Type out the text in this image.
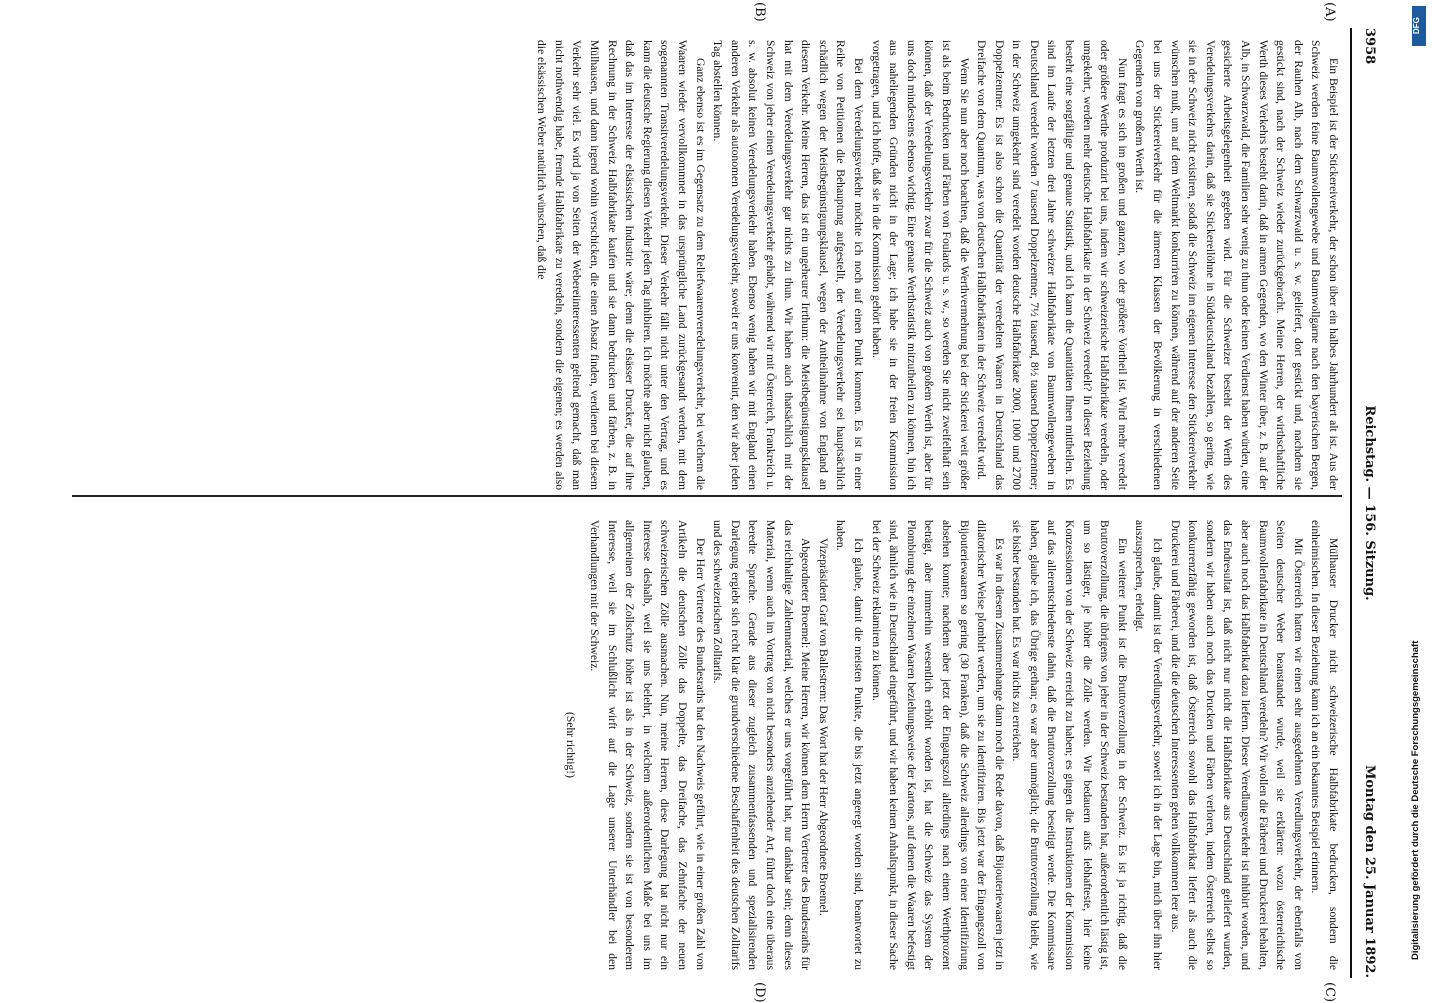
3958
Reichstag. — 156. Sitzung.
Montag den 25. Januar 1892.
(A)
(B)
(C)
(D)

Ein Beispiel ist der Stickereiverkehr, der schon über ein halbes Jahrhundert alt ist. Aus der Schweiz werden feine Baumwollengewebe und Baumwollgarne nach den bayerischen Bergen, der Rauhen Alb, nach dem Schwarzwald u. s. w. geliefert, dort gestickt und, nachdem sie gestickt sind, nach der Schweiz wieder zurückgebracht. Meine Herren, der wirthschaftliche Werth dieses Verkehrs besteht darin, daß in armen Gegenden, wo den Winter über, z. B. auf der Alb, in Schwarzwald, die Familien sehr wenig zu thun oder keinen Verdienst haben würden, eine gesicherte Arbeitsgelegenheit gegeben wird. Für die Schweizer besteht der Werth des Veredelungsverkehrs darin, daß sie Stickereilöhne in Süddeutschland bezahlen, so gering, wie sie in der Schweiz nicht existiren, sodaß die Schweiz im eigenen Interesse den Stickereiverkehr wünschen muß, um auf dem Weltmarkt konkurriren zu können, während auf der anderen Seite bei uns der Stickereiverkehr für die ärmeren Klassen der Bevölkerung in verschiedenen Gegenden von großem Werth ist.

Nun fragt es sich im großen und ganzen, wo der größere Vortheil ist. Wird mehr veredelt oder größere Werthe produzirt bei uns, indem wir schweizerische Halbfabrikate veredeln, oder umgekehrt, werden mehr deutsche Halbfabrikate in der Schweiz veredelt? In dieser Beziehung besteht eine sorgfältige und genaue Statistik, und ich kann die Quantitäten Ihnen mittheilen. Es sind im Laufe der letzten drei Jahre schweizer Halbfabrikate von Baumwollengeweben in Deutschland veredelt worden 7 tausend Doppelzentner, 7½ tausend, 8½ tausend Doppelzentner; in der Schweiz umgekehrt sind veredelt worden deutsche Halbfabrikate 2000, 1000 und 2700 Doppelzentner. Es ist also schon die Quantität der veredelten Waaren in Deutschland das Dreifache von dem Quantum, was von deutschen Halbfabrikaten in der Schweiz veredelt wird.

Wenn Sie nun aber noch beachten, daß die Werthvermehrung bei der Stickerei weit größer ist als beim Bedrucken und Färben von Foulards u. s. w., so werden Sie nicht zweifelhaft sein können, daß der Veredelungsverkehr zwar für die Schweiz auch von großem Werth ist, aber für uns doch mindestens ebenso wichtig. Eine genaue Werthstatistik mitzutheilen zu können, bin ich aus naheliegenden Gründen nicht in der Lage; ich habe sie in der freien Kommission vorgetragen, und ich hoffe, daß sie in die Kommission gehört haben.

Bei dem Veredelungsverkehr möchte ich noch auf einen Punkt kommen. Es ist in einer Reihe von Petitionen die Behauptung aufgestellt, der Veredelungsverkehr sei hauptsächlich schädlich wegen der Meistbegünstigungsklausel, wegen der Antheilnahme von England an diesem Verkehr. Meine Herren, das ist ein ungeheurer Irrthum: die Meistbegünstigungsklausel hat mit dem Veredelungsverkehr gar nichts zu thun. Wir haben auch thatsächlich mit der Schweiz von jeher einen Veredelungsverkehr gehabt, während wir mit Österreich, Frankreich u. s. w. absolut keinen Veredelungsverkehr haben. Ebenso wenig haben wir mit England einen anderen Verkehr als autonomen Veredelungsverkehr, soweit er uns konvenirt, den wir aber jeden Tag abstellen können.

Ganz ebenso ist es im Gegensatz zu dem Reliefwaarenveredelungsverkehr, bei welchem die Waaren wieder vervollkommnet in das ursprüngliche Land zurückgesandt werden, mit dem sogenannten Transitveredelungsverkehr. Dieser Verkehr fällt nicht unter den Vertrag, und es kann die deutsche Regierung diesen Verkehr jeden Tag inhibiren. Ich möchte aber nicht glauben, daß das im Interesse der elsässischen Industrie wäre; denn die elsässer Drucker, die auf ihre Rechnung in der Schweiz Halbfabrikate kaufen und sie dann bedrucken und färben, z. B. in Mülhausen, und dann irgend wohin verschicken, die einen Absatz finden, verdienen bei diesem Verkehr sehr viel. Es wird ja von Seiten der Webereiinteressenten geltend gemacht, daß man nicht nothwendig habe, fremde Halbfabrikate zu veredeln, sondern die eigenen; es werden also die elsässischen Weber natürlich wünschen, daß die

Mülhauser Drucker nicht schweizerische Halbfabrikate bedrucken, sondern die einheimischen. In dieser Beziehung kann ich an ein bekanntes Beispiel erinnern.

Mit Österreich hatten wir einen sehr ausgedehnten Veredlungsverkehr, der ebenfalls von Seiten deutscher Weber beanstandet wurde, weil sie erklärten: wozu österreichische Baumwollenfabrikate in Deutschland veredeln? Wir wollen die Färberei und Druckerei behalten, aber auch noch das Halbfabrikat dazu liefern. Dieser Veredlungsverkehr ist inhibirt worden, und das Endresultat ist, daß nicht nur nicht die Halbfabrikate aus Deutschland geliefert wurden, sondern wir haben auch noch das Drucken und Färben verloren, indem Österreich selbst so konkurrenzfähig geworden ist, daß Österreich sowohl das Halbfabrikat liefert als auch die Druckerei und Färberei, und die die deutschen Interessenten gehen vollkommen leer aus.

Ich glaube, damit ist der Veredlungsverkehr, soweit ich in der Lage bin, mich über ihn hier auszusprechen, erledigt.

Ein weiterer Punkt ist die Bruttoverzollung in der Schweiz. Es ist ja richtig, daß die Bruttoverzollung, die übrigens von jeher in der Schweiz bestanden hat, außerordentlich lästig ist, um so lästiger, je höher die Zölle werden. Wir bedauern aufs lebhafteste, hier keine Konzessionen von der Schweiz erreicht zu haben; es gingen die Instruktionen der Kommission auf das allerentschiedenste dahin, daß die Bruttoverzollung beseitigt werde. Die Kommissare haben, glaube ich, das Übrige gethan; es war aber unmöglich; die Bruttoverzollung bleibt, wie sie bisher bestanden hat. Es war nichts zu erreichen.

Es war in diesem Zusammenhange dann noch die Rede davon, daß Bijouteriewaaren jetzt in dilatorischer Weise plombirt werden, um sie zu identifiziren. Bis jetzt war der Eingangszoll von Bijouteriewaaren so gering (30 Franken), daß die Schweiz allerdings von einer Identifizirung absehen konnte; nachdem aber jetzt der Eingangszoll allerdings nach einem Werthprozent beträgt, aber immerhin wesentlich erhöht worden ist, hat die Schweiz das System der Plombirung der einzelnen Waaren beziehungsweise der Kartons, auf denen die Waaren befestigt sind, ähnlich wie in Deutschland eingeführt, und wir haben keinen Anhaltspunkt, in dieser Sache bei der Schweiz reklamiren zu können.

Ich glaube, damit die meisten Punkte, die bis jetzt angeregt worden sind, beantwortet zu haben.

Vizepräsident Graf von Ballestrem: Das Wort hat der Herr Abgeordnete Broemel.

Abgeordneter Broemel: Meine Herren, wir können dem Herrn Vertreter des Bundesraths für das reichhaltige Zahlenmaterial, welches er uns vorgeführt hat, nur dankbar sein; denn dieses Material, wenn auch im Vortrag von nicht besonders anziehender Art, führt doch eine überaus beredte Sprache. Gerade aus dieser zugleich zusammenfassenden und spezialisirenden Darlegung ergiebt sich recht klar die grundverschiedene Beschaffenheit des deutschen Zolltarifs und des schweizerischen Zolltarifs.

Der Herr Vertreter des Bundesraths hat den Nachweis geführt, wie in einer großen Zahl von Artikeln die deutschen Zölle das Doppelte, das Dreifache, das Zehnfache der neuen schweizerischen Zölle ausmachen. Nun, meine Herren, diese Darlegung hat nicht nur ein Interesse deshalb, weil sie uns belehrt, in welchem außerordentlichen Maße bei uns im allgemeinen der Zollschutz höher ist als in der Schweiz, sondern sie ist von besonderem Interesse, weil sie im Schlußlicht wirft auf die Lage unserer Unterhändler bei den Verhandlungen mit der Schweiz.

(Sehr richtig!)

DFG
Digitalisierung gefördert durch die Deutsche Forschungsgemeinschaft
